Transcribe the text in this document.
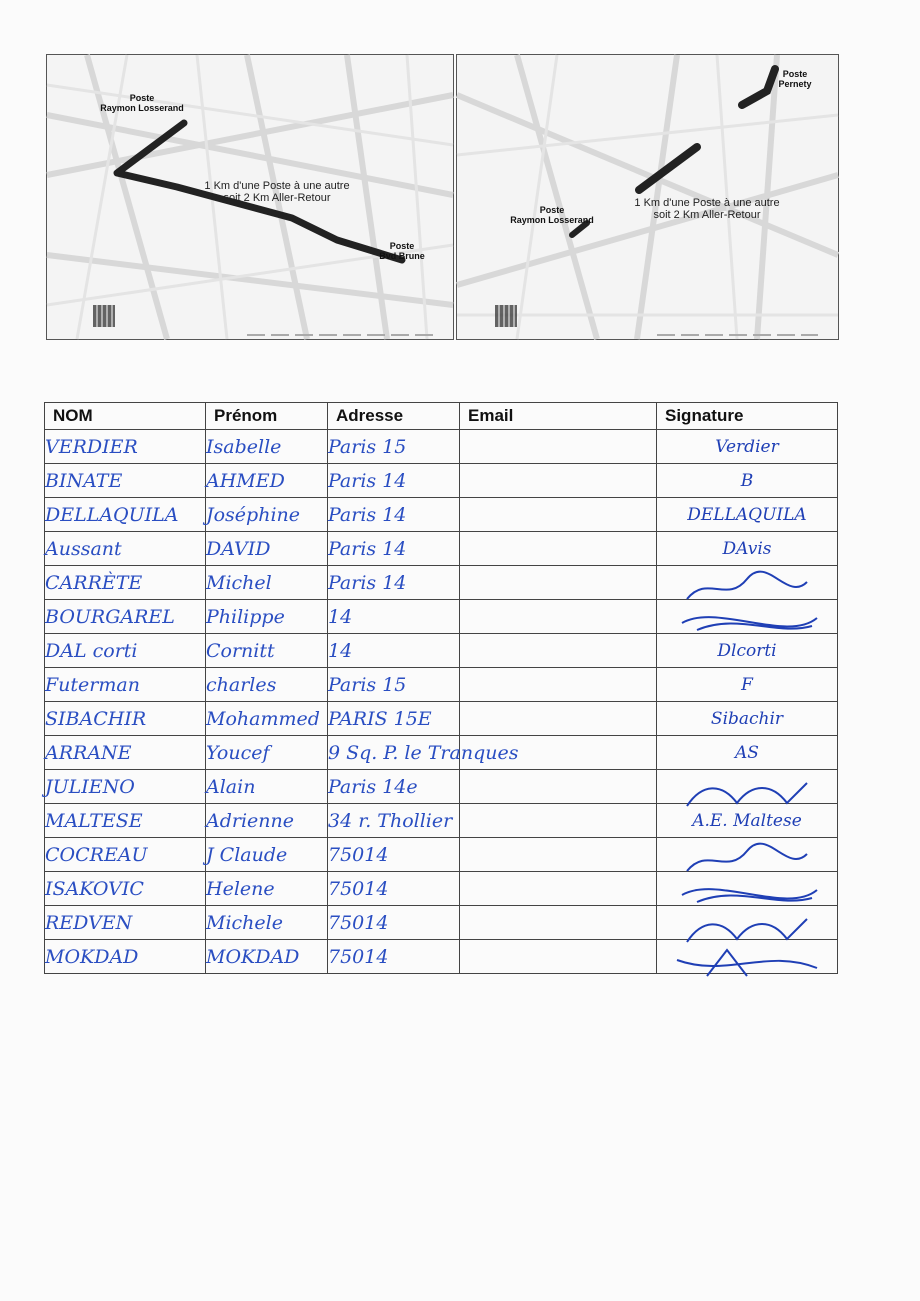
Poste
Raymon Losserand
Poste
Bvd Brune
1 Km d'une Poste à une autre
soit 2 Km Aller-Retour
Poste
Pernety
Poste
Raymon Losserand
1 Km d'une Poste à une autre
soit 2 Km Aller-Retour
NOM	Prénom	Adresse	Email	Signature
VERDIER	Isabelle	Paris 15		Verdier
BINATE	AHMED	Paris 14		B
DELLAQUILA	Joséphine	Paris 14		DELLAQUILA
Aussant	DAVID	Paris 14		DAvis
CARRÈTE	Michel	Paris 14		

BOURGAREL	Philippe	14		

DAL corti	Cornitt	14		Dlcorti
Futerman	charles	Paris 15		F
SIBACHIR	Mohammed	PARIS 15E		Sibachir
ARRANE	Youcef	9 Sq. P. le Tranques		AS
JULIENO	Alain	Paris 14e		

MALTESE	Adrienne	34 r. Thollier		A.E. Maltese
COCREAU	J Claude	75014		

ISAKOVIC	Helene	75014		

REDVEN	Michele	75014		

MOKDAD	MOKDAD	75014		
